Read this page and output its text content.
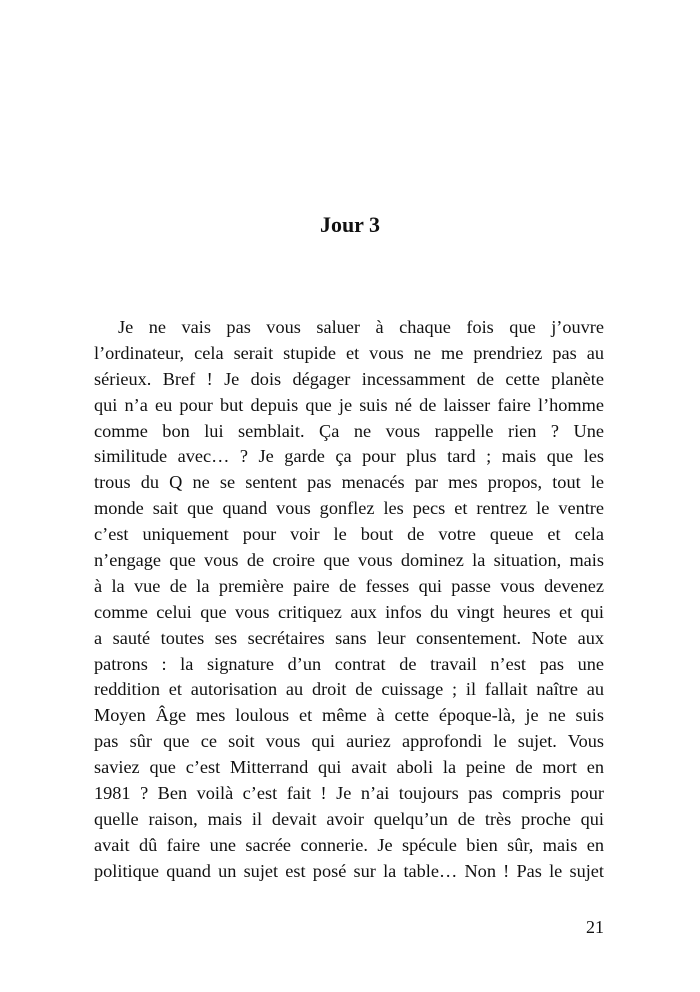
Jour 3
Je ne vais pas vous saluer à chaque fois que j’ouvre
l’ordinateur, cela serait stupide et vous ne me prendriez pas au
sérieux. Bref ! Je dois dégager incessamment de cette planète
qui n’a eu pour but depuis que je suis né de laisser faire l’homme
comme bon lui semblait. Ça ne vous rappelle rien ? Une
similitude avec… ? Je garde ça pour plus tard ; mais que les
trous du Q ne se sentent pas menacés par mes propos, tout le
monde sait que quand vous gonflez les pecs et rentrez le ventre
c’est uniquement pour voir le bout de votre queue et cela
n’engage que vous de croire que vous dominez la situation, mais
à la vue de la première paire de fesses qui passe vous devenez
comme celui que vous critiquez aux infos du vingt heures et qui
a sauté toutes ses secrétaires sans leur consentement. Note aux
patrons : la signature d’un contrat de travail n’est pas une
reddition et autorisation au droit de cuissage ; il fallait naître au
Moyen Âge mes loulous et même à cette époque-là, je ne suis
pas sûr que ce soit vous qui auriez approfondi le sujet. Vous
saviez que c’est Mitterrand qui avait aboli la peine de mort en
1981 ? Ben voilà c’est fait ! Je n’ai toujours pas compris pour
quelle raison, mais il devait avoir quelqu’un de très proche qui
avait dû faire une sacrée connerie. Je spécule bien sûr, mais en
politique quand un sujet est posé sur la table… Non ! Pas le sujet
21
